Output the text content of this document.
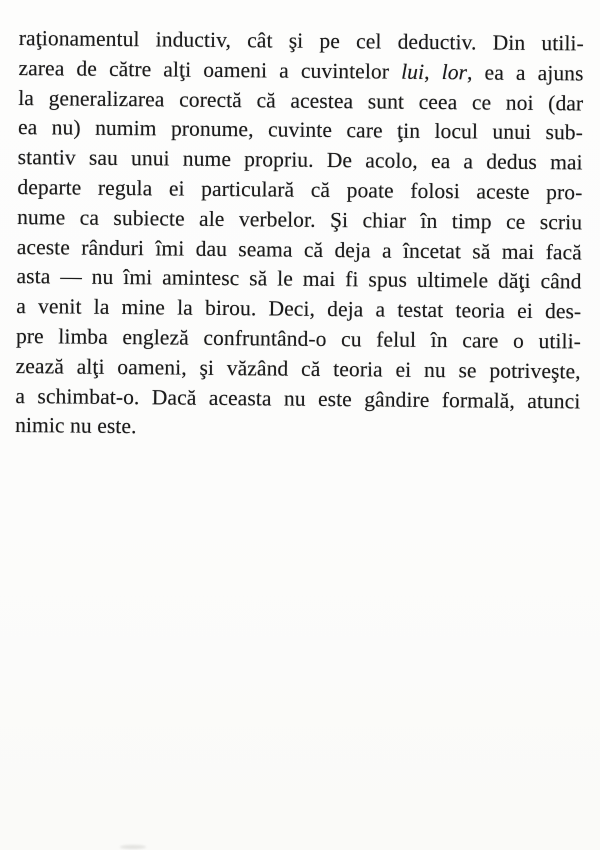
raţionamentul inductiv, cât şi pe cel deductiv. Din utili-
zarea de către alţi oameni a cuvintelor lui, lor, ea a ajuns
la generalizarea corectă că acestea sunt ceea ce noi (dar
ea nu) numim pronume, cuvinte care ţin locul unui sub-
stantiv sau unui nume propriu. De acolo, ea a dedus mai
departe regula ei particulară că poate folosi aceste pro-
nume ca subiecte ale verbelor. Şi chiar în timp ce scriu
aceste rânduri îmi dau seama că deja a încetat să mai facă
asta — nu îmi amintesc să le mai fi spus ultimele dăţi când
a venit la mine la birou. Deci, deja a testat teoria ei des-
pre limba engleză confruntând-o cu felul în care o utili-
zează alţi oameni, şi văzând că teoria ei nu se potriveşte,
a schimbat-o. Dacă aceasta nu este gândire formală, atunci
nimic nu este.
